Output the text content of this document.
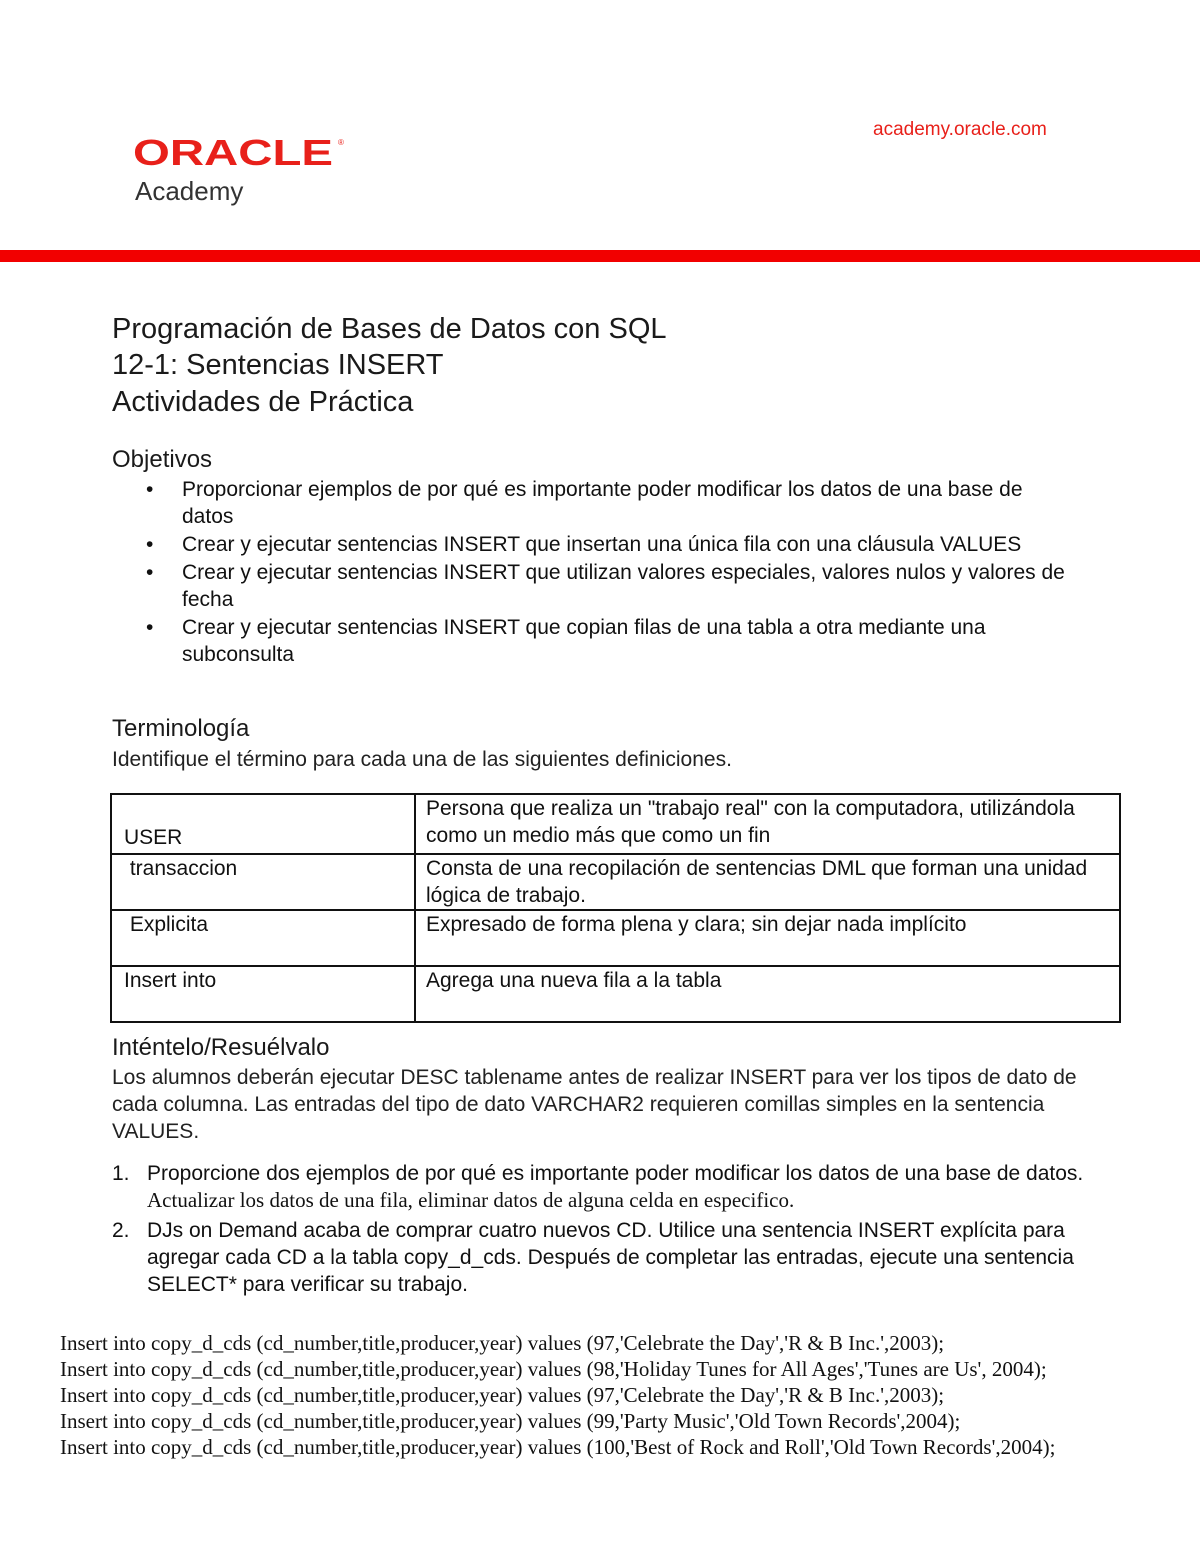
ORACLE ®
Academy
academy.oracle.com
Programación de Bases de Datos con SQL
12-1: Sentencias INSERT
Actividades de Práctica
Objetivos
• Proporcionar ejemplos de por qué es importante poder modificar los datos de una base de datos
• Crear y ejecutar sentencias INSERT que insertan una única fila con una cláusula VALUES
• Crear y ejecutar sentencias INSERT que utilizan valores especiales, valores nulos y valores de fecha
• Crear y ejecutar sentencias INSERT que copian filas de una tabla a otra mediante una subconsulta
Terminología
Identifique el término para cada una de las siguientes definiciones.
USER	Persona que realiza un "trabajo real" con la computadora, utilizándola como un medio más que como un fin
transaccion	Consta de una recopilación de sentencias DML que forman una unidad lógica de trabajo.
Explicita	Expresado de forma plena y clara; sin dejar nada implícito
Insert into	Agrega una nueva fila a la tabla
Inténtelo/Resuélvalo
Los alumnos deberán ejecutar DESC tablename antes de realizar INSERT para ver los tipos de dato de cada columna. Las entradas del tipo de dato VARCHAR2 requieren comillas simples en la sentencia VALUES.
1. Proporcione dos ejemplos de por qué es importante poder modificar los datos de una base de datos.
Actualizar los datos de una fila, eliminar datos de alguna celda en especifico.
2. DJs on Demand acaba de comprar cuatro nuevos CD. Utilice una sentencia INSERT explícita para agregar cada CD a la tabla copy_d_cds. Después de completar las entradas, ejecute una sentencia SELECT* para verificar su trabajo.
Insert into copy_d_cds (cd_number,title,producer,year) values (97,'Celebrate the Day','R & B Inc.',2003);
Insert into copy_d_cds (cd_number,title,producer,year) values (98,'Holiday Tunes for All Ages','Tunes are Us', 2004);
Insert into copy_d_cds (cd_number,title,producer,year) values (97,'Celebrate the Day','R & B Inc.',2003);
Insert into copy_d_cds (cd_number,title,producer,year) values (99,'Party Music','Old Town Records',2004);
Insert into copy_d_cds (cd_number,title,producer,year) values (100,'Best of Rock and Roll','Old Town Records',2004);
